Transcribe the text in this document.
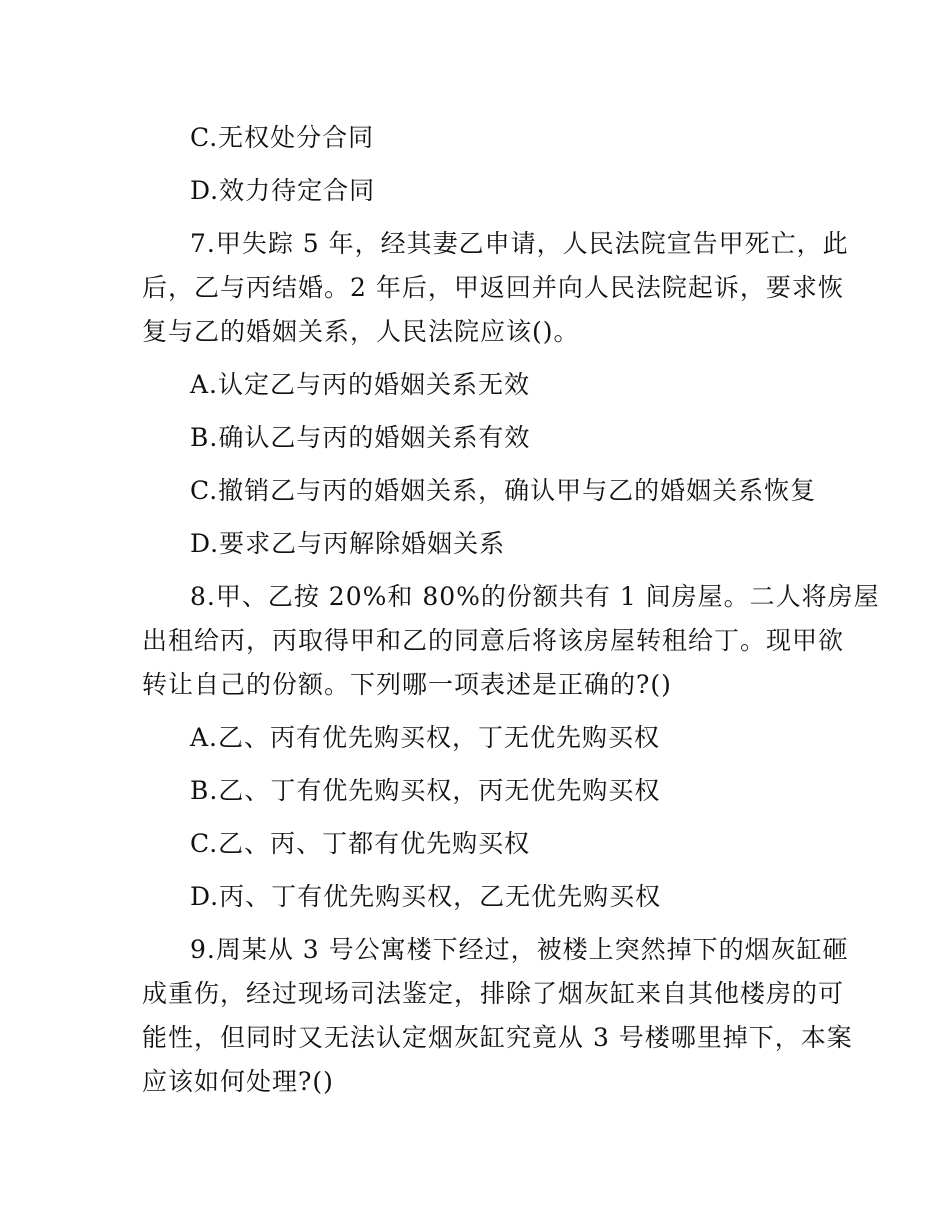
C.无权处分合同
D.效力待定合同
7.甲失踪 5 年，经其妻乙申请，人民法院宣告甲死亡，此
后，乙与丙结婚。2 年后，甲返回并向人民法院起诉，要求恢
复与乙的婚姻关系，人民法院应该()。
A.认定乙与丙的婚姻关系无效
B.确认乙与丙的婚姻关系有效
C.撤销乙与丙的婚姻关系，确认甲与乙的婚姻关系恢复
D.要求乙与丙解除婚姻关系
8.甲、乙按 20%和 80%的份额共有 1 间房屋。二人将房屋
出租给丙，丙取得甲和乙的同意后将该房屋转租给丁。现甲欲
转让自己的份额。下列哪一项表述是正确的?()
A.乙、丙有优先购买权，丁无优先购买权
B.乙、丁有优先购买权，丙无优先购买权
C.乙、丙、丁都有优先购买权
D.丙、丁有优先购买权，乙无优先购买权
9.周某从 3 号公寓楼下经过，被楼上突然掉下的烟灰缸砸
成重伤，经过现场司法鉴定，排除了烟灰缸来自其他楼房的可
能性，但同时又无法认定烟灰缸究竟从 3 号楼哪里掉下，本案
应该如何处理?()
